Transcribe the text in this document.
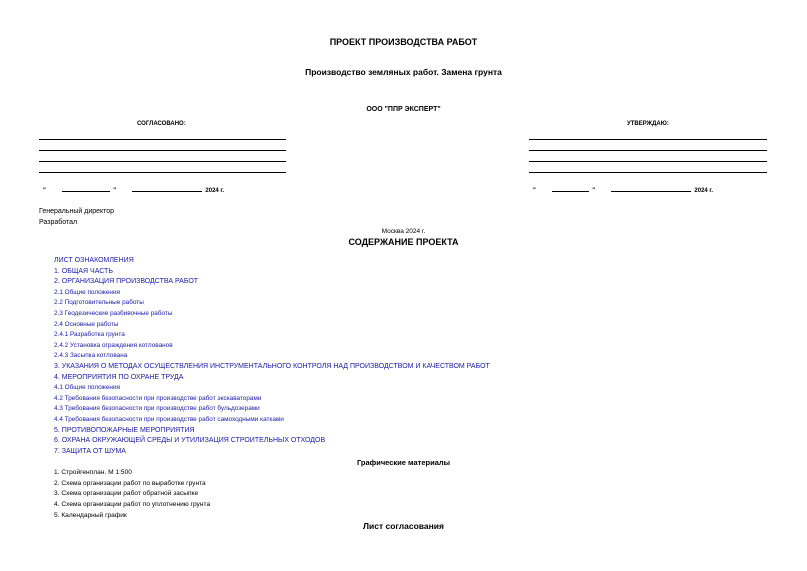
ПРОЕКТ ПРОИЗВОДСТВА РАБОТ
Производство земляных работ. Замена грунта
ООО "ППР ЭКСПЕРТ"
СОГЛАСОВАНО:
"	"	2024 г.
УТВЕРЖДАЮ:
"	"	2024 г.
Генеральный директор
Разработал
Москва 2024 г.
СОДЕРЖАНИЕ ПРОЕКТА
ЛИСТ ОЗНАКОМЛЕНИЯ
1. ОБЩАЯ ЧАСТЬ
2. ОРГАНИЗАЦИЯ ПРОИЗВОДСТВА РАБОТ
2.1 Общие положения
2.2 Подготовительные работы
2.3 Геодезические разбивочные работы
2.4 Основные работы
2.4.1 Разработка грунта
2.4.2 Установка ограждения котлованов
2.4.3 Засыпка котлована
3. УКАЗАНИЯ О МЕТОДАХ ОСУЩЕСТВЛЕНИЯ ИНСТРУМЕНТАЛЬНОГО КОНТРОЛЯ НАД ПРОИЗВОДСТВОМ И КАЧЕСТВОМ РАБОТ
4. МЕРОПРИЯТИЯ ПО ОХРАНЕ ТРУДА
4.1 Общие положения
4.2 Требования безопасности при производстве работ экскаваторами
4.3 Требования безопасности при производстве работ бульдозерами
4.4 Требования безопасности при производстве работ самоходными катками
5. ПРОТИВОПОЖАРНЫЕ МЕРОПРИЯТИЯ
6. ОХРАНА ОКРУЖАЮЩЕЙ СРЕДЫ И УТИЛИЗАЦИЯ СТРОИТЕЛЬНЫХ ОТХОДОВ
7. ЗАЩИТА ОТ ШУМА
Графические материалы
1. Стройгенплан. М 1:500
2. Схема организации работ по выработке грунта
3. Схема организации работ обратной засыпке
4. Схема организации работ по уплотнению грунта
5. Календарный график
Лист согласования
